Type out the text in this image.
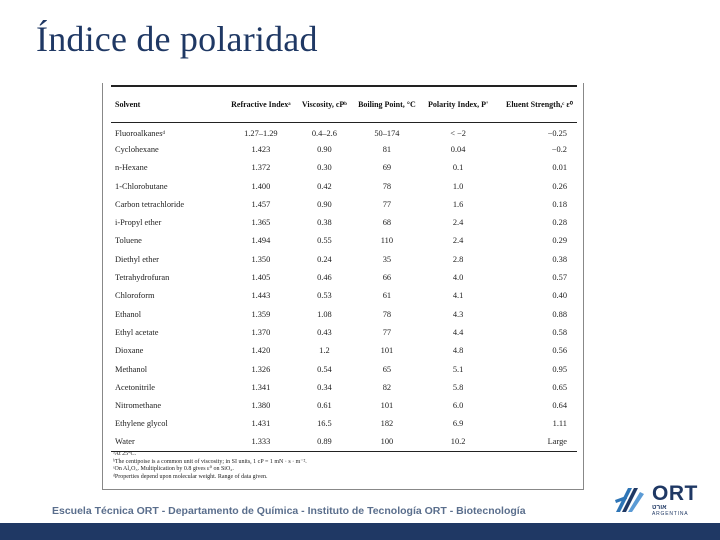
Índice de polaridad
Solvent	Refractive Indexᵃ	Viscosity, cPᵇ	Boiling Point, °C	Polarity Index, P'	Eluent Strength,ᶜ ε⁰
Fluoroalkanesᵈ	1.27–1.29	0.4–2.6	50–174	< −2	−0.25
Cyclohexane	1.423	0.90	81	0.04	−0.2
n-Hexane	1.372	0.30	69	0.1	0.01
1-Chlorobutane	1.400	0.42	78	1.0	0.26
Carbon tetrachloride	1.457	0.90	77	1.6	0.18
i-Propyl ether	1.365	0.38	68	2.4	0.28
Toluene	1.494	0.55	110	2.4	0.29
Diethyl ether	1.350	0.24	35	2.8	0.38
Tetrahydrofuran	1.405	0.46	66	4.0	0.57
Chloroform	1.443	0.53	61	4.1	0.40
Ethanol	1.359	1.08	78	4.3	0.88
Ethyl acetate	1.370	0.43	77	4.4	0.58
Dioxane	1.420	1.2	101	4.8	0.56
Methanol	1.326	0.54	65	5.1	0.95
Acetonitrile	1.341	0.34	82	5.8	0.65
Nitromethane	1.380	0.61	101	6.0	0.64
Ethylene glycol	1.431	16.5	182	6.9	1.11
Water	1.333	0.89	100	10.2	Large
ᵃAt 25°C.
ᵇThe centipoise is a common unit of viscosity; in SI units, 1 cP = 1 mN · s · m⁻².
ᶜOn Al₂O₃. Multiplication by 0.8 gives ε⁰ on SiO₂.
ᵈProperties depend upon molecular weight. Range of data given.
Escuela Técnica ORT - Departamento de Química - Instituto de Tecnología ORT - Biotecnología
ORT
אורט
ARGENTINA
